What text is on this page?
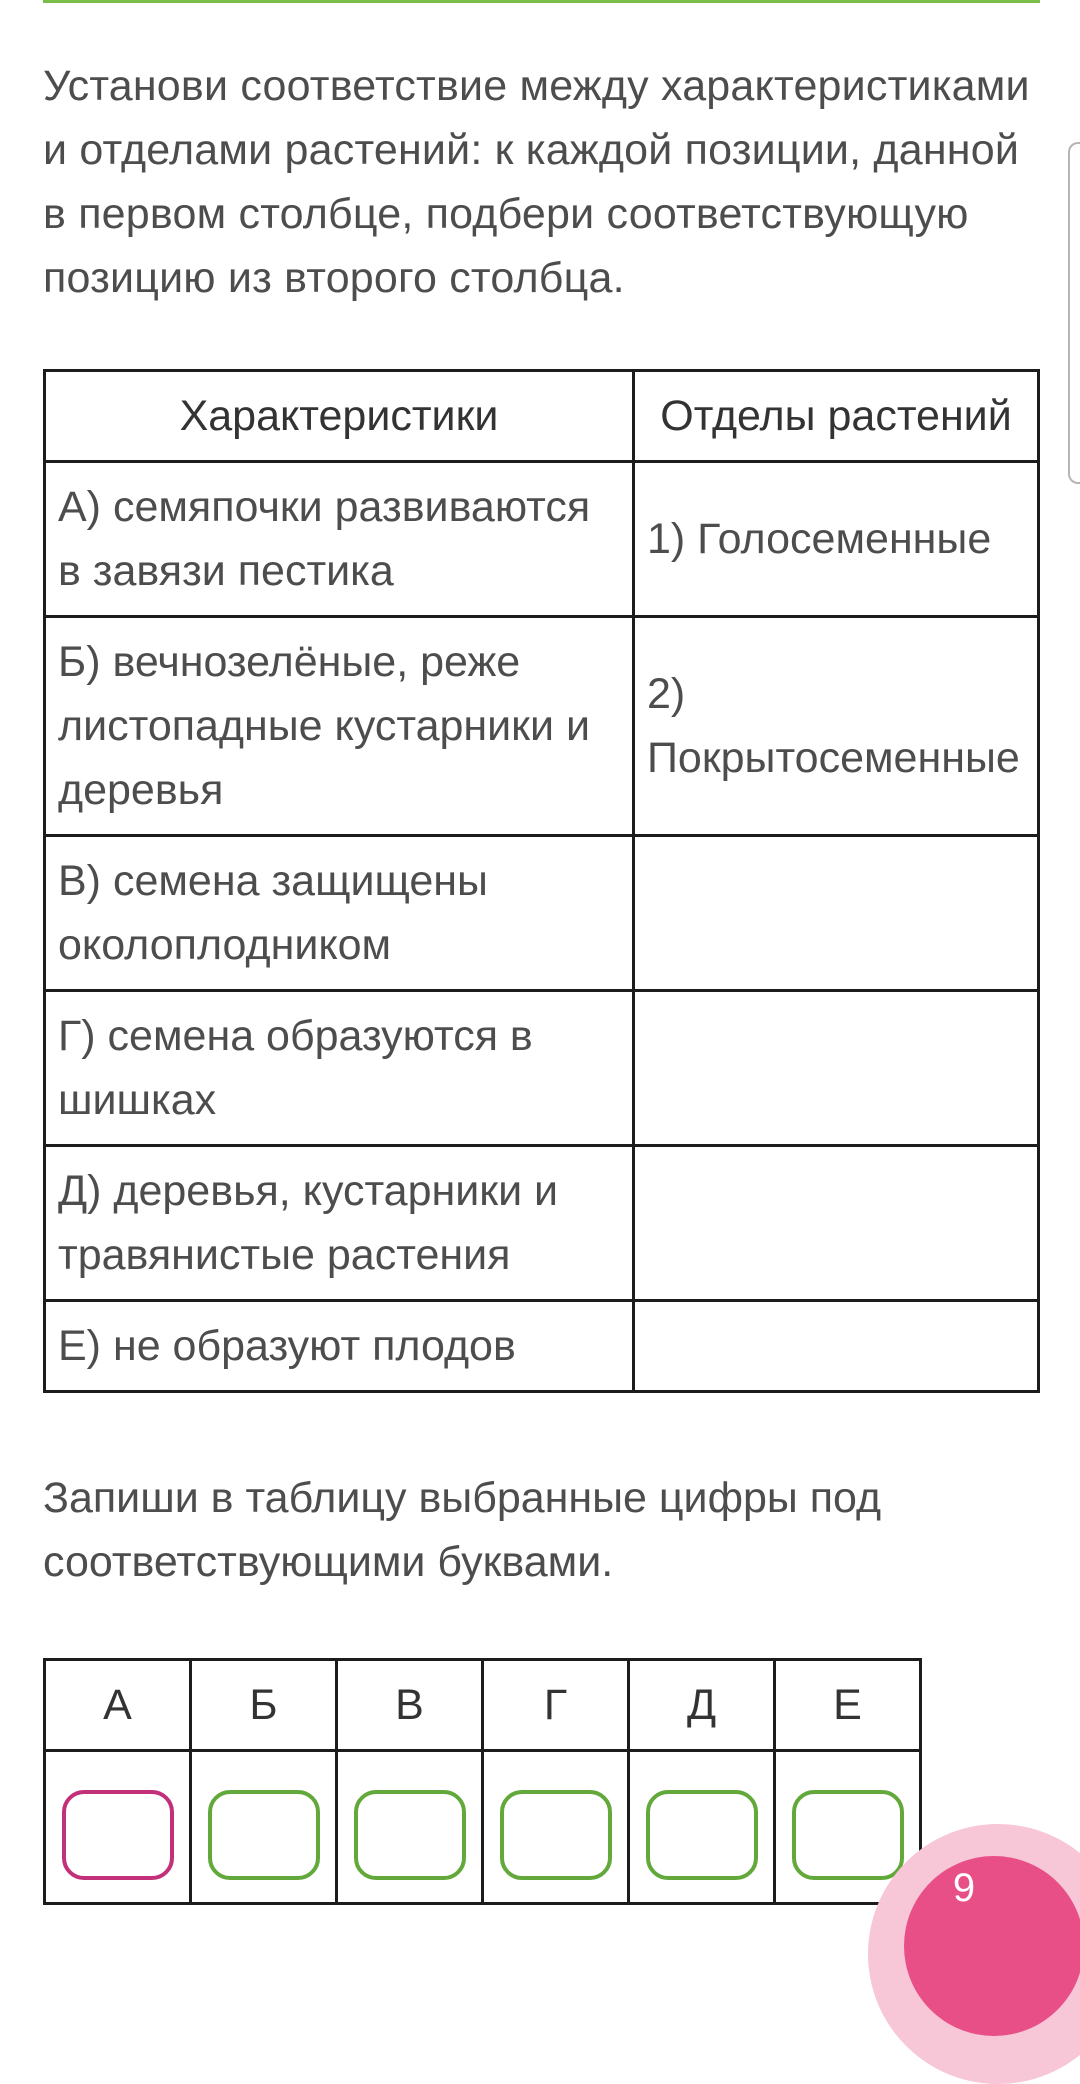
Установи соответствие между характеристиками и отделами растений: к каждой позиции, данной в первом столбце, подбери соответствующую позицию из второго столбца.
Характеристики	Отделы растений
А) семяпочки развиваются в завязи пестика	1) Голосеменные
Б) вечнозелёные, реже листопадные кустарники и деревья	2) Покрытосеменные
В) семена защищены околоплодником	
Г) семена образуются в шишках	
Д) деревья, кустарники и травянистые растения	
Е) не образуют плодов	
Запиши в таблицу выбранные цифры под соответствующими буквами.
А	Б	В	Г	Д	Е

9
